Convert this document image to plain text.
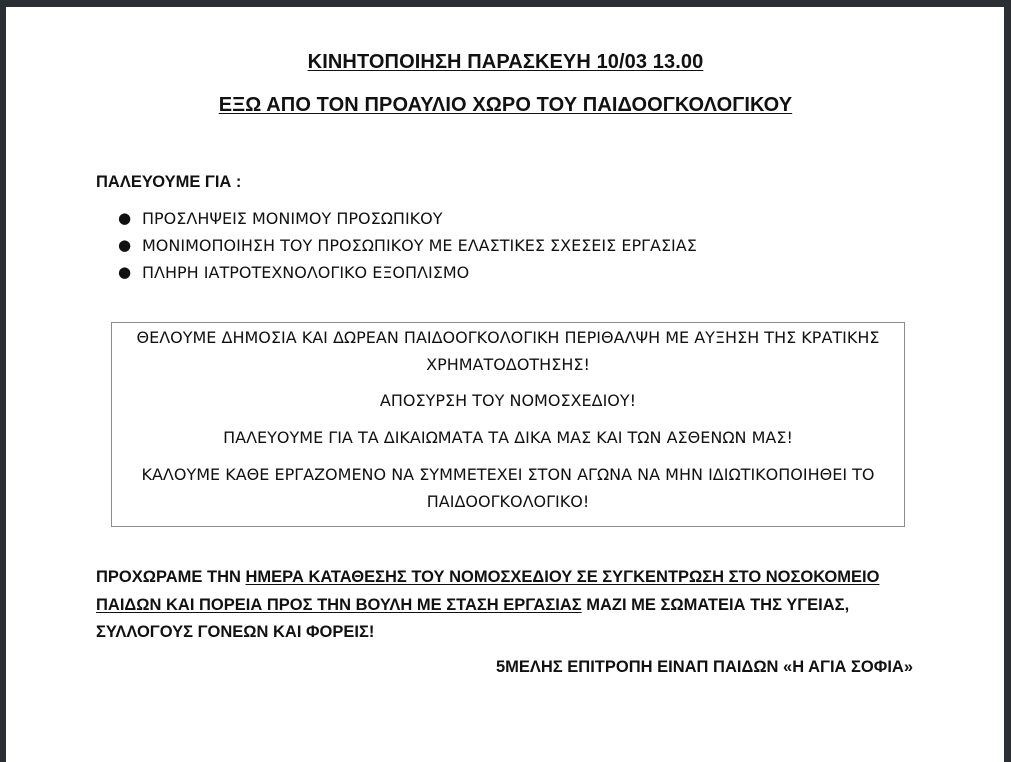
ΚΙΝΗΤΟΠΟΙΗΣΗ ΠΑΡΑΣΚΕΥΗ 10/03 13.00
ΕΞΩ ΑΠΟ ΤΟΝ ΠΡΟΑΥΛΙΟ ΧΩΡΟ ΤΟΥ ΠΑΙΔΟΟΓΚΟΛΟΓΙΚΟΥ
ΠΑΛΕΥΟΥΜΕ ΓΙΑ :
● ΠΡΟΣΛΗΨΕΙΣ ΜΟΝΙΜΟΥ ΠΡΟΣΩΠΙΚΟΥ
● ΜΟΝΙΜΟΠΟΙΗΣΗ ΤΟΥ ΠΡΟΣΩΠΙΚΟΥ ΜΕ ΕΛΑΣΤΙΚΕΣ ΣΧΕΣΕΙΣ ΕΡΓΑΣΙΑΣ
● ΠΛΗΡΗ ΙΑΤΡΟΤΕΧΝΟΛΟΓΙΚΟ ΕΞΟΠΛΙΣΜΟ

ΘΕΛΟΥΜΕ ΔΗΜΟΣΙΑ ΚΑΙ ΔΩΡΕΑΝ ΠΑΙΔΟΟΓΚΟΛΟΓΙΚΗ ΠΕΡΙΘΑΛΨΗ ΜΕ ΑΥΞΗΣΗ ΤΗΣ ΚΡΑΤΙΚΗΣ ΧΡΗΜΑΤΟΔΟΤΗΣΗΣ!

ΑΠΟΣΥΡΣΗ ΤΟΥ ΝΟΜΟΣΧΕΔΙΟΥ!

ΠΑΛΕΥΟΥΜΕ ΓΙΑ ΤΑ ΔΙΚΑΙΩΜΑΤΑ ΤΑ ΔΙΚΑ ΜΑΣ ΚΑΙ ΤΩΝ ΑΣΘΕΝΩΝ ΜΑΣ!

ΚΑΛΟΥΜΕ ΚΑΘΕ ΕΡΓΑΖΟΜΕΝΟ ΝΑ ΣΥΜΜΕΤΕΧΕΙ ΣΤΟΝ ΑΓΩΝΑ ΝΑ ΜΗΝ ΙΔΙΩΤΙΚΟΠΟΙΗΘΕΙ ΤΟ ΠΑΙΔΟΟΓΚΟΛΟΓΙΚΟ!

ΠΡΟΧΩΡΑΜΕ ΤΗΝ ΗΜΕΡΑ ΚΑΤΑΘΕΣΗΣ ΤΟΥ ΝΟΜΟΣΧΕΔΙΟΥ ΣΕ ΣΥΓΚΕΝΤΡΩΣΗ ΣΤΟ ΝΟΣΟΚΟΜΕΙΟ ΠΑΙΔΩΝ ΚΑΙ ΠΟΡΕΙΑ ΠΡΟΣ ΤΗΝ ΒΟΥΛΗ ΜΕ ΣΤΑΣΗ ΕΡΓΑΣΙΑΣ ΜΑΖΙ ΜΕ ΣΩΜΑΤΕΙΑ ΤΗΣ ΥΓΕΙΑΣ, ΣΥΛΛΟΓΟΥΣ ΓΟΝΕΩΝ ΚΑΙ ΦΟΡΕΙΣ!

5ΜΕΛΗΣ ΕΠΙΤΡΟΠΗ ΕΙΝΑΠ ΠΑΙΔΩΝ «Η ΑΓΙΑ ΣΟΦΙΑ»
